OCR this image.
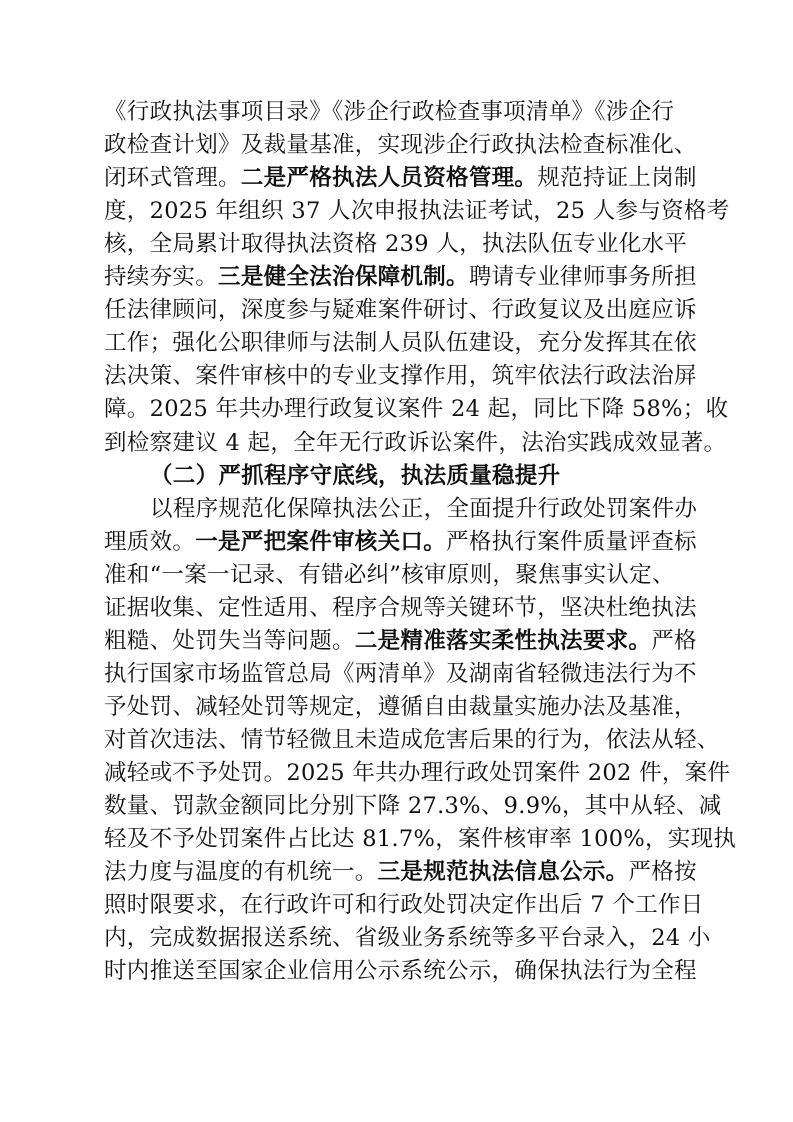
《行政执法事项目录》《涉企行政检查事项清单》《涉企行
政检查计划》及裁量基准，实现涉企行政执法检查标准化、
闭环式管理。二是严格执法人员资格管理。规范持证上岗制
度，2025 年组织 37 人次申报执法证考试，25 人参与资格考
核，全局累计取得执法资格 239 人，执法队伍专业化水平
持续夯实。三是健全法治保障机制。聘请专业律师事务所担
任法律顾问，深度参与疑难案件研讨、行政复议及出庭应诉
工作；强化公职律师与法制人员队伍建设，充分发挥其在依
法决策、案件审核中的专业支撑作用，筑牢依法行政法治屏
障。2025 年共办理行政复议案件 24 起，同比下降 58%；收
到检察建议 4 起，全年无行政诉讼案件，法治实践成效显著。
（二）严抓程序守底线，执法质量稳提升
以程序规范化保障执法公正，全面提升行政处罚案件办
理质效。一是严把案件审核关口。严格执行案件质量评查标
准和“一案一记录、有错必纠”核审原则，聚焦事实认定、
证据收集、定性适用、程序合规等关键环节，坚决杜绝执法
粗糙、处罚失当等问题。二是精准落实柔性执法要求。严格
执行国家市场监管总局《两清单》及湖南省轻微违法行为不
予处罚、减轻处罚等规定，遵循自由裁量实施办法及基准，
对首次违法、情节轻微且未造成危害后果的行为，依法从轻、
减轻或不予处罚。2025 年共办理行政处罚案件 202 件，案件
数量、罚款金额同比分别下降 27.3%、9.9%，其中从轻、减
轻及不予处罚案件占比达 81.7%，案件核审率 100%，实现执
法力度与温度的有机统一。三是规范执法信息公示。严格按
照时限要求，在行政许可和行政处罚决定作出后 7 个工作日
内，完成数据报送系统、省级业务系统等多平台录入，24 小
时内推送至国家企业信用公示系统公示，确保执法行为全程
